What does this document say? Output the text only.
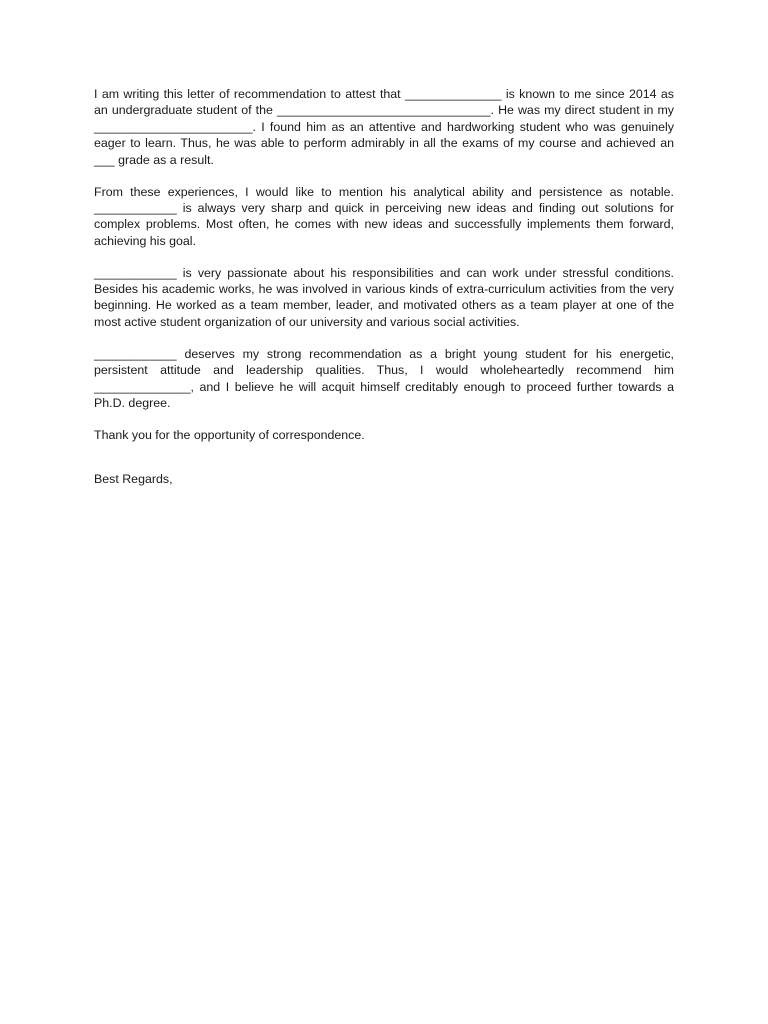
I am writing this letter of recommendation to attest that ______________ is known to me since 2014 as an undergraduate student of the _______________________________. He was my direct student in my _______________________. I found him as an attentive and hardworking student who was genuinely eager to learn. Thus, he was able to perform admirably in all the exams of my course and achieved an ___ grade as a result.

From these experiences, I would like to mention his analytical ability and persistence as notable. ____________ is always very sharp and quick in perceiving new ideas and finding out solutions for complex problems. Most often, he comes with new ideas and successfully implements them forward, achieving his goal.

____________ is very passionate about his responsibilities and can work under stressful conditions. Besides his academic works, he was involved in various kinds of extra-curriculum activities from the very beginning. He worked as a team member, leader, and motivated others as a team player at one of the most active student organization of our university and various social activities.

____________ deserves my strong recommendation as a bright young student for his energetic, persistent attitude and leadership qualities. Thus, I would wholeheartedly recommend him ______________, and I believe he will acquit himself creditably enough to proceed further towards a Ph.D. degree.

Thank you for the opportunity of correspondence.

Best Regards,
